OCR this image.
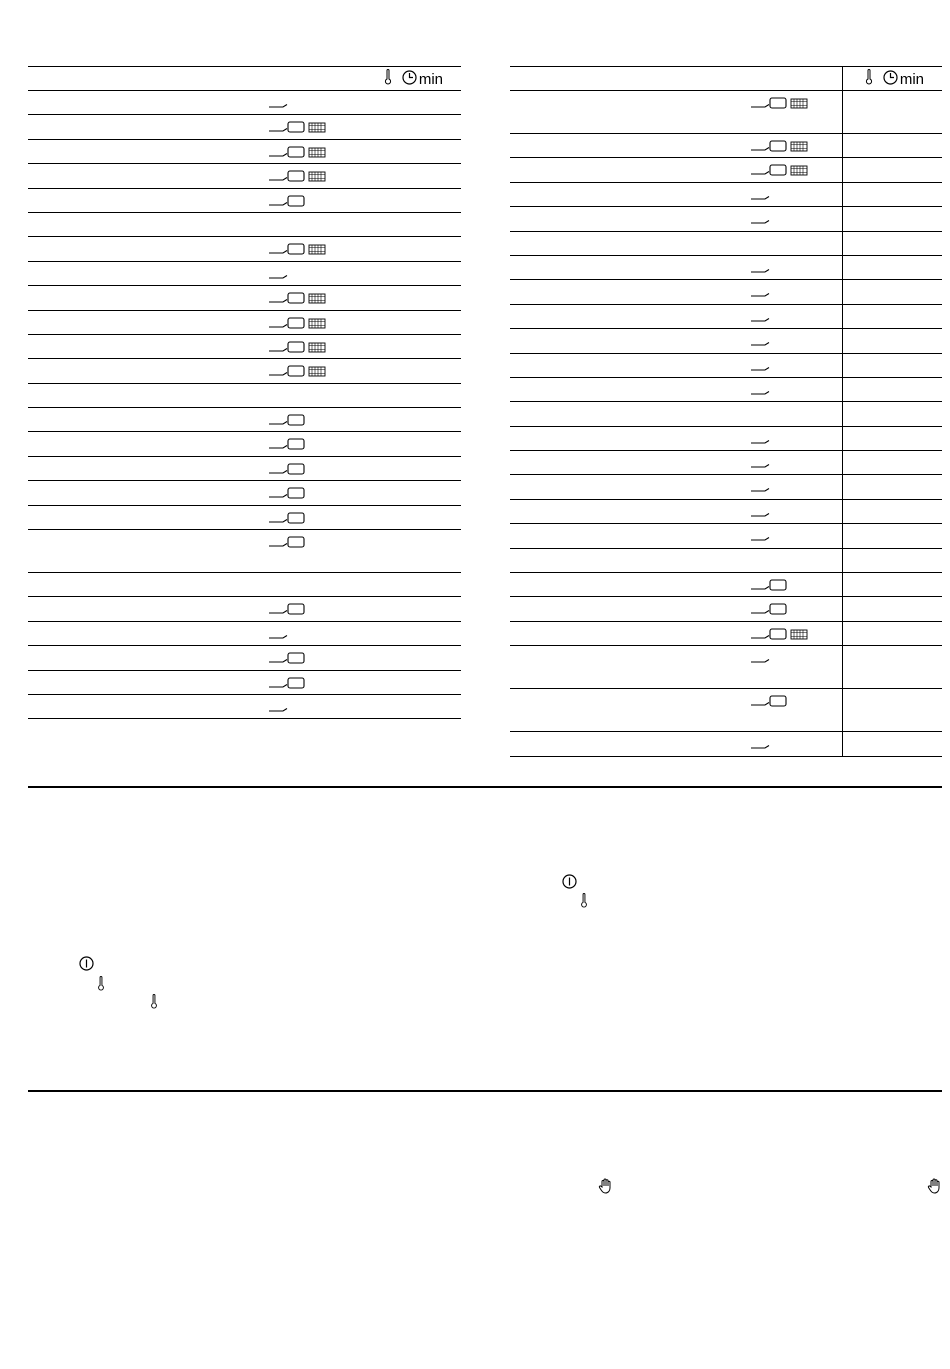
min	min
